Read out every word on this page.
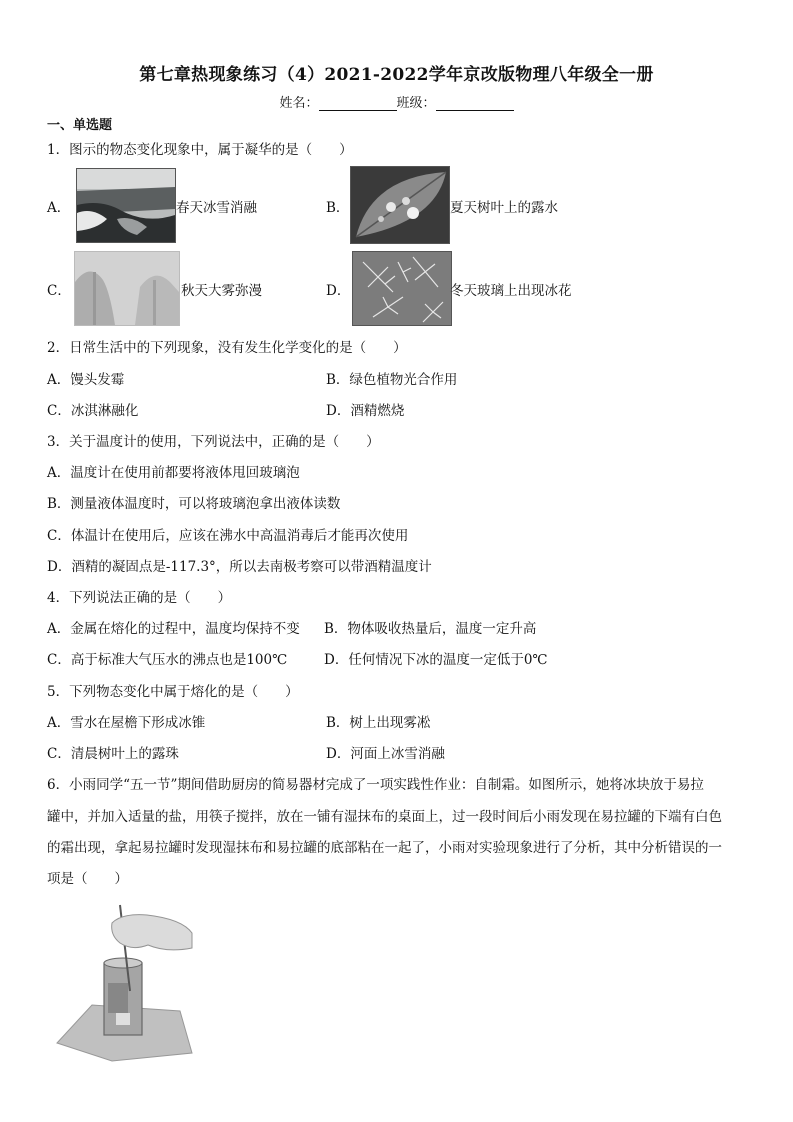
第七章热现象练习（4）2021-2022学年京改版物理八年级全一册
姓名：	班级：
一、单选题
1．图示的物态变化现象中，属于凝华的是（　　）
A．	春天冰雪消融	B．	夏天树叶上的露水
C．	秋天大雾弥漫	D．	冬天玻璃上出现冰花
2．日常生活中的下列现象，没有发生化学变化的是（　　）
A．馒头发霉	B．绿色植物光合作用
C．冰淇淋融化	D．酒精燃烧
3．关于温度计的使用，下列说法中，正确的是（　　）
A．温度计在使用前都要将液体甩回玻璃泡
B．测量液体温度时，可以将玻璃泡拿出液体读数
C．体温计在使用后，应该在沸水中高温消毒后才能再次使用
D．酒精的凝固点是-117.3°，所以去南极考察可以带酒精温度计
4．下列说法正确的是（　　）
A．金属在熔化的过程中，温度均保持不变 B．物体吸收热量后，温度一定升高
C．高于标准大气压水的沸点也是100℃	D．任何情况下冰的温度一定低于0℃
5．下列物态变化中属于熔化的是（　　）
A．雪水在屋檐下形成冰锥	B．树上出现雾凇
C．清晨树叶上的露珠	D．河面上冰雪消融
6．小雨同学“五一节”期间借助厨房的简易器材完成了一项实践性作业：自制霜。如图所示，她将冰块放于易拉
罐中，并加入适量的盐，用筷子搅拌，放在一铺有湿抹布的桌面上，过一段时间后小雨发现在易拉罐的下端有白色
的霜出现，拿起易拉罐时发现湿抹布和易拉罐的底部粘在一起了，小雨对实验现象进行了分析，其中分析错误的一
项是（　　）
